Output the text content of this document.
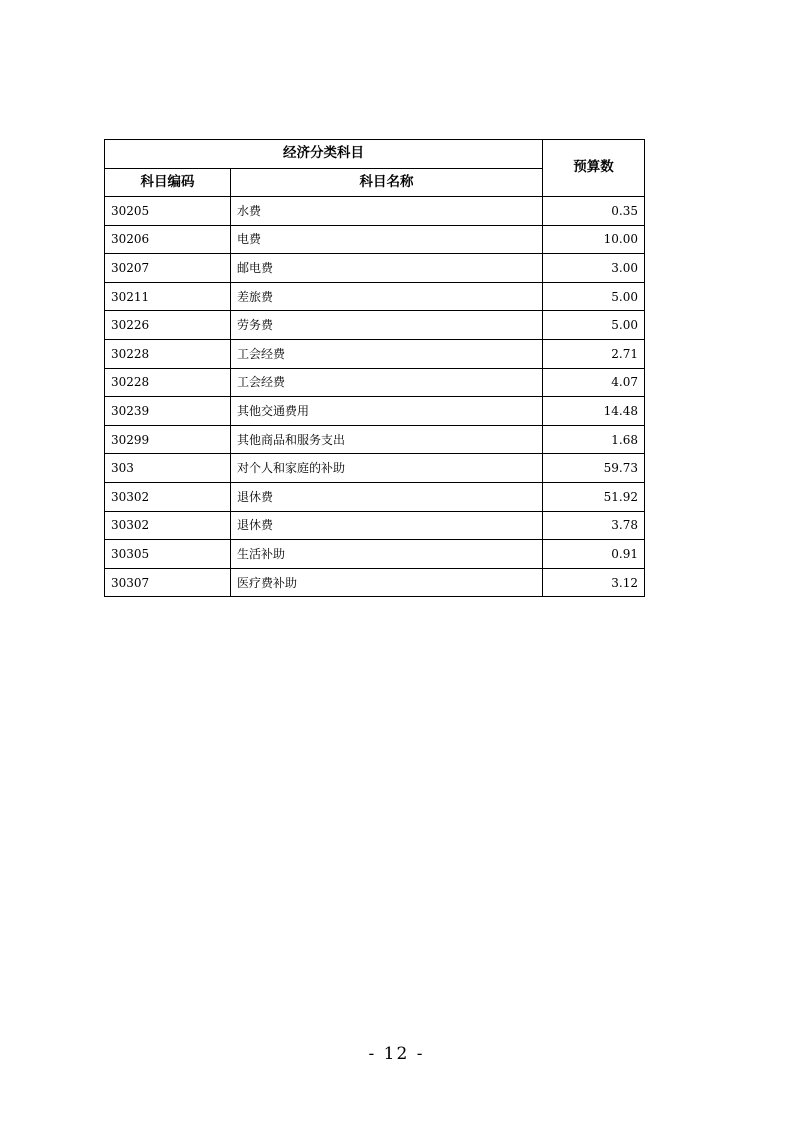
经济分类科目		预算数
科目编码	科目名称	
30205	水费	0.35
30206	电费	10.00
30207	邮电费	3.00
30211	差旅费	5.00
30226	劳务费	5.00
30228	工会经费	2.71
30228	工会经费	4.07
30239	其他交通费用	14.48
30299	其他商品和服务支出	1.68
303	对个人和家庭的补助	59.73
30302	退休费	51.92
30302	退休费	3.78
30305	生活补助	0.91
30307	医疗费补助	3.12
- 12 -
